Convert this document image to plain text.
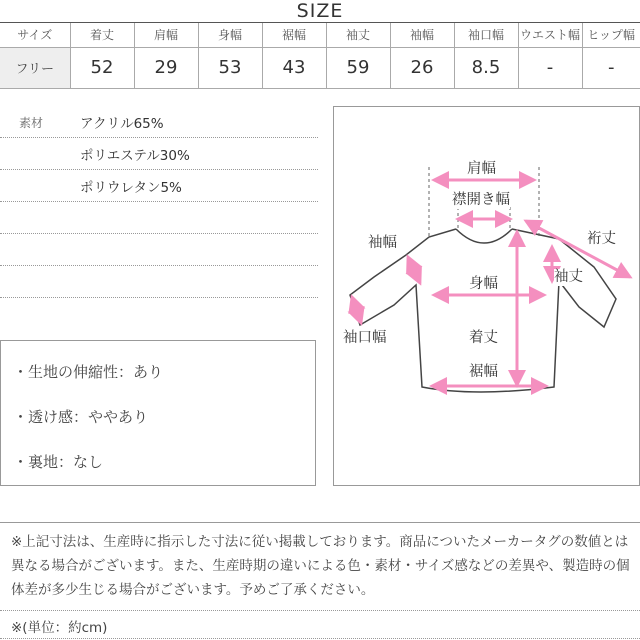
SIZE
サイズ	着丈	肩幅	身幅	裾幅	袖丈	袖幅	袖口幅	ウエスト幅	ヒップ幅
フリー	52	29	53	43	59	26	8.5	-	-
素材	アクリル65%
ポリエステル30%
ポリウレタン5%
・生地の伸縮性：あり
・透け感：ややあり
・裏地：なし
肩幅
襟開き幅
裄丈
袖幅
袖丈
身幅
袖口幅	着丈
裾幅
※上記寸法は、生産時に指示した寸法に従い掲載しております。商品についたメーカータグの数値とは異なる場合がございます。また、生産時期の違いによる色・素材・サイズ感などの差異や、製造時の個体差が多少生じる場合がございます。予めご了承ください。
※(単位：約cm)
